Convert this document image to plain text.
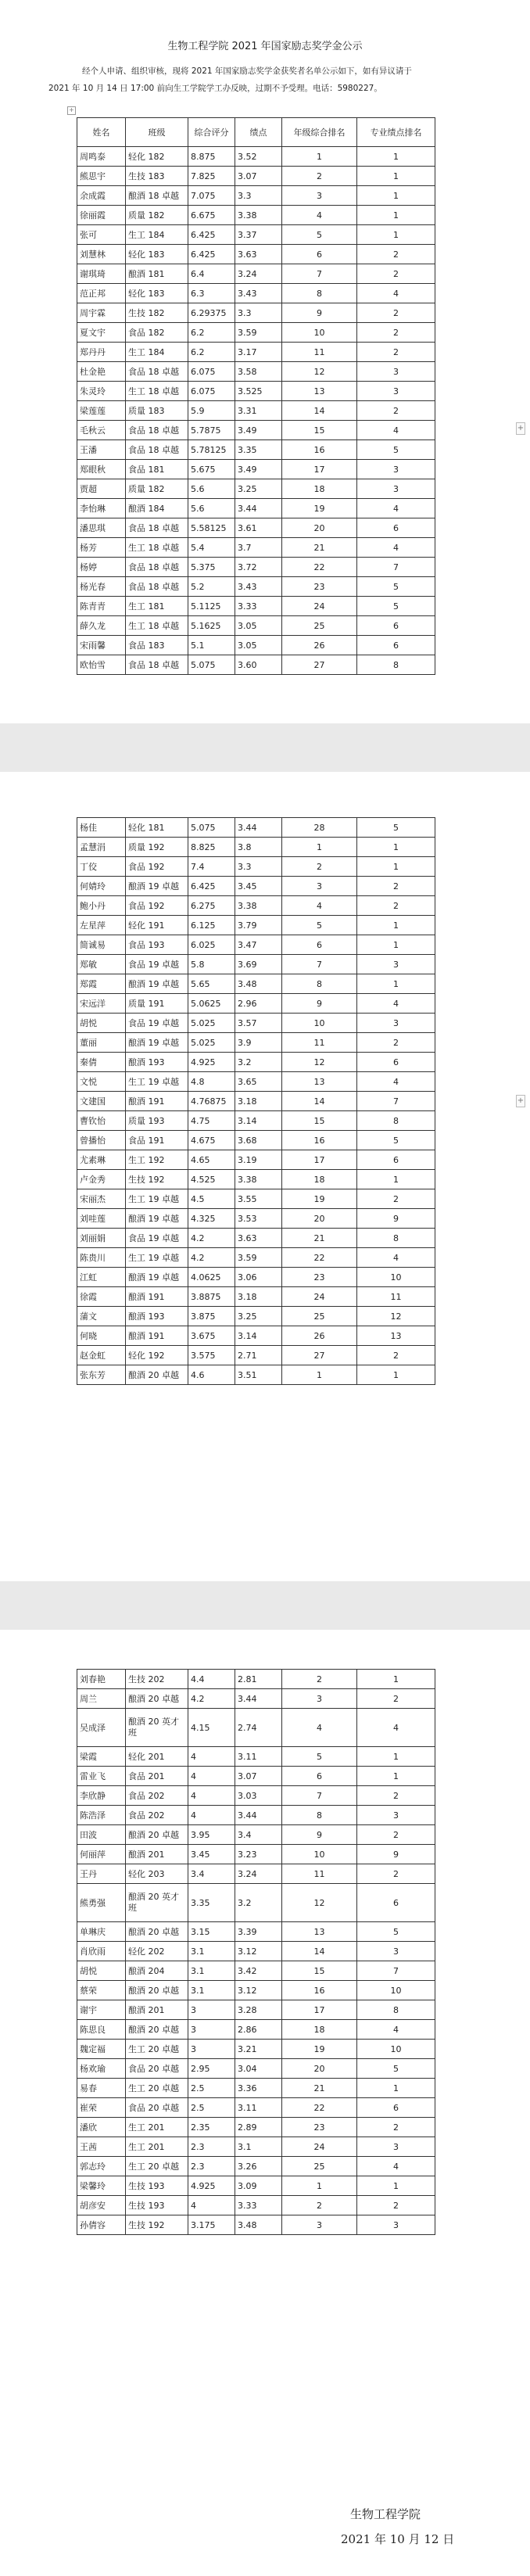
生物工程学院 2021 年国家励志奖学金公示
经个人申请、组织审核，现将 2021 年国家励志奖学金获奖者名单公示如下，如有异议请于
2021 年 10 月 14 日 17:00 前向生工学院学工办反映，过期不予受理。电话：5980227。
+
姓名	班级	综合评分	绩点	年级综合排名	专业绩点排名
周鸣泰	轻化 182	8.875	3.52	1	1
熊思宇	生技 183	7.825	3.07	2	1
余成霞	酿酒 18 卓越	7.075	3.3	3	1
徐丽霞	质量 182	6.675	3.38	4	1
张可	生工 184	6.425	3.37	5	1
刘慧林	轻化 183	6.425	3.63	6	2
谢琪琦	酿酒 181	6.4	3.24	7	2
范正邦	轻化 183	6.3	3.43	8	4
周宇霖	生技 182	6.29375	3.3	9	2
夏文宇	食品 182	6.2	3.59	10	2
郑丹丹	生工 184	6.2	3.17	11	2
杜金艳	食品 18 卓越	6.075	3.58	12	3
朱灵玲	生工 18 卓越	6.075	3.525	13	3
梁莲莲	质量 183	5.9	3.31	14	2
毛秋云	食品 18 卓越	5.7875	3.49	15	4
王潘	食品 18 卓越	5.78125	3.35	16	5
郑眼秋	食品 181	5.675	3.49	17	3
贾超	质量 182	5.6	3.25	18	3
李怡琳	酿酒 184	5.6	3.44	19	4
潘思琪	食品 18 卓越	5.58125	3.61	20	6
杨芳	生工 18 卓越	5.4	3.7	21	4
杨婷	食品 18 卓越	5.375	3.72	22	7
杨光春	食品 18 卓越	5.2	3.43	23	5
陈青青	生工 181	5.1125	3.33	24	5
薛久龙	生工 18 卓越	5.1625	3.05	25	6
宋雨馨	食品 183	5.1	3.05	26	6
欧怡雪	食品 18 卓越	5.075	3.60	27	8
+
杨佳	轻化 181	5.075	3.44	28	5
孟慧涓	质量 192	8.825	3.8	1	1
丁佼	食品 192	7.4	3.3	2	1
何婧玲	酿酒 19 卓越	6.425	3.45	3	2
鲍小丹	食品 192	6.275	3.38	4	2
左星萍	轻化 191	6.125	3.79	5	1
简诚易	食品 193	6.025	3.47	6	1
郑敏	食品 19 卓越	5.8	3.69	7	3
郑霞	酿酒 19 卓越	5.65	3.48	8	1
宋远洋	质量 191	5.0625	2.96	9	4
胡悦	食品 19 卓越	5.025	3.57	10	3
董丽	酿酒 19 卓越	5.025	3.9	11	2
秦倩	酿酒 193	4.925	3.2	12	6
文悦	生工 19 卓越	4.8	3.65	13	4
文建国	酿酒 191	4.76875	3.18	14	7
曹钦怡	质量 193	4.75	3.14	15	8
曾播怡	食品 191	4.675	3.68	16	5
尤素琳	生工 192	4.65	3.19	17	6
卢金秀	生技 192	4.525	3.38	18	1
宋丽杰	生工 19 卓越	4.5	3.55	19	2
刘哇莲	酿酒 19 卓越	4.325	3.53	20	9
刘丽娟	食品 19 卓越	4.2	3.63	21	8
陈贵川	生工 19 卓越	4.2	3.59	22	4
江虹	酿酒 19 卓越	4.0625	3.06	23	10
徐霞	酿酒 191	3.8875	3.18	24	11
蒲文	酿酒 193	3.875	3.25	25	12
何晓	酿酒 191	3.675	3.14	26	13
赵金虹	轻化 192	3.575	2.71	27	2
张东芳	酿酒 20 卓越	4.6	3.51	1	1
+
刘春艳	生技 202	4.4	2.81	2	1
周兰	酿酒 20 卓越	4.2	3.44	3	2
吴成泽	酿酒 20 英才班	4.15	2.74	4	4
梁霞	轻化 201	4	3.11	5	1
雷业飞	食品 201	4	3.07	6	1
李欣静	食品 202	4	3.03	7	2
陈浩泽	食品 202	4	3.44	8	3
田波	酿酒 20 卓越	3.95	3.4	9	2
何丽萍	酿酒 201	3.45	3.23	10	9
王丹	轻化 203	3.4	3.24	11	2
熊勇强	酿酒 20 英才班	3.35	3.2	12	6
单琳庆	酿酒 20 卓越	3.15	3.39	13	5
肖欣雨	轻化 202	3.1	3.12	14	3
胡悦	酿酒 204	3.1	3.42	15	7
蔡荣	酿酒 20 卓越	3.1	3.12	16	10
谢宇	酿酒 201	3	3.28	17	8
陈思良	酿酒 20 卓越	3	2.86	18	4
魏定福	生工 20 卓越	3	3.21	19	10
杨欢瑜	食品 20 卓越	2.95	3.04	20	5
易春	生工 20 卓越	2.5	3.36	21	1
崔荣	食品 20 卓越	2.5	3.11	22	6
潘欣	生工 201	2.35	2.89	23	2
王茜	生工 201	2.3	3.1	24	3
郭志玲	生工 20 卓越	2.3	3.26	25	4
梁馨玲	生技 193	4.925	3.09	1	1
胡彦安	生技 193	4	3.33	2	2
孙倩容	生技 192	3.175	3.48	3	3
生物工程学院
2021 年 10 月 12 日
